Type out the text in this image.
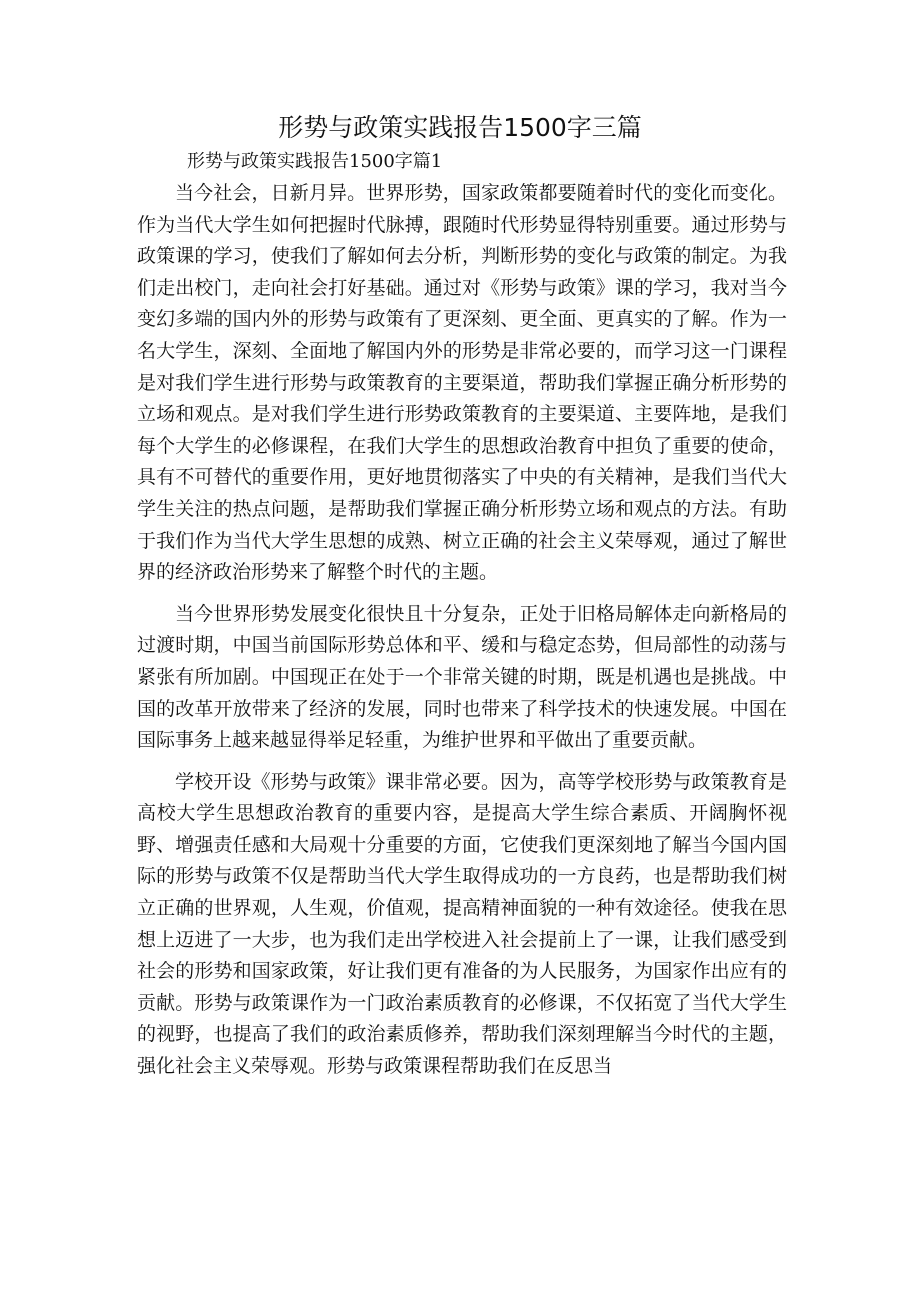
形势与政策实践报告1500字三篇
形势与政策实践报告1500字篇1

当今社会，日新月异。世界形势，国家政策都要随着时代的变化而变化。作为当代大学生如何把握时代脉搏，跟随时代形势显得特别重要。通过形势与政策课的学习，使我们了解如何去分析，判断形势的变化与政策的制定。为我们走出校门，走向社会打好基础。通过对《形势与政策》课的学习，我对当今变幻多端的国内外的形势与政策有了更深刻、更全面、更真实的了解。作为一名大学生，深刻、全面地了解国内外的形势是非常必要的，而学习这一门课程是对我们学生进行形势与政策教育的主要渠道，帮助我们掌握正确分析形势的立场和观点。是对我们学生进行形势政策教育的主要渠道、主要阵地，是我们每个大学生的必修课程，在我们大学生的思想政治教育中担负了重要的使命，具有不可替代的重要作用，更好地贯彻落实了中央的有关精神，是我们当代大学生关注的热点问题，是帮助我们掌握正确分析形势立场和观点的方法。有助于我们作为当代大学生思想的成熟、树立正确的社会主义荣辱观，通过了解世界的经济政治形势来了解整个时代的主题。

当今世界形势发展变化很快且十分复杂，正处于旧格局解体走向新格局的过渡时期，中国当前国际形势总体和平、缓和与稳定态势，但局部性的动荡与紧张有所加剧。中国现正在处于一个非常关键的时期，既是机遇也是挑战。中国的改革开放带来了经济的发展，同时也带来了科学技术的快速发展。中国在国际事务上越来越显得举足轻重，为维护世界和平做出了重要贡献。

学校开设《形势与政策》课非常必要。因为，高等学校形势与政策教育是高校大学生思想政治教育的重要内容，是提高大学生综合素质、开阔胸怀视野、增强责任感和大局观十分重要的方面，它使我们更深刻地了解当今国内国际的形势与政策不仅是帮助当代大学生取得成功的一方良药，也是帮助我们树立正确的世界观，人生观，价值观，提高精神面貌的一种有效途径。使我在思想上迈进了一大步，也为我们走出学校进入社会提前上了一课，让我们感受到社会的形势和国家政策，好让我们更有准备的为人民服务，为国家作出应有的贡献。形势与政策课作为一门政治素质教育的必修课，不仅拓宽了当代大学生的视野，也提高了我们的政治素质修养，帮助我们深刻理解当今时代的主题，强化社会主义荣辱观。形势与政策课程帮助我们在反思当
